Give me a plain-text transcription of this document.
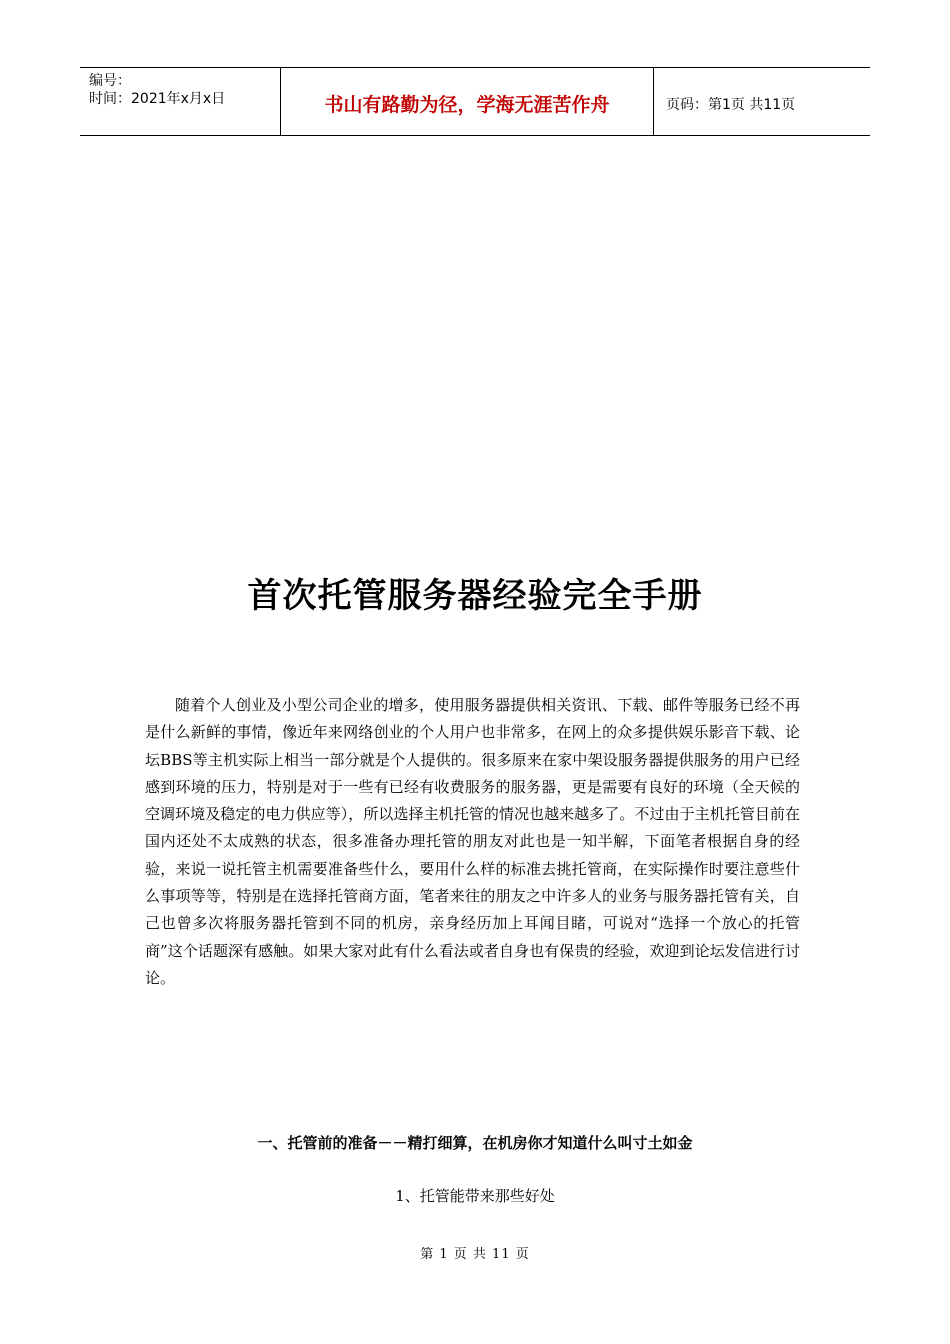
编号：
时间：2021年x月x日	书山有路勤为径，学海无涯苦作舟	页码：第1页 共11页
首次托管服务器经验完全手册

随着个人创业及小型公司企业的增多，使用服务器提供相关资讯、下载、邮件等服务已经不再是什么新鲜的事情，像近年来网络创业的个人用户也非常多，在网上的众多提供娱乐影音下载、论坛BBS等主机实际上相当一部分就是个人提供的。很多原来在家中架设服务器提供服务的用户已经感到环境的压力，特别是对于一些有已经有收费服务的服务器，更是需要有良好的环境（全天候的空调环境及稳定的电力供应等），所以选择主机托管的情况也越来越多了。不过由于主机托管目前在国内还处不太成熟的状态，很多准备办理托管的朋友对此也是一知半解，下面笔者根据自身的经验，来说一说托管主机需要准备些什么，要用什么样的标准去挑托管商，在实际操作时要注意些什么事项等等，特别是在选择托管商方面，笔者来往的朋友之中许多人的业务与服务器托管有关，自己也曾多次将服务器托管到不同的机房，亲身经历加上耳闻目睹，可说对“选择一个放心的托管商”这个话题深有感触。如果大家对此有什么看法或者自身也有保贵的经验，欢迎到论坛发信进行讨论。

一、托管前的准备－－精打细算，在机房你才知道什么叫寸土如金
1、托管能带来那些好处
第 1 页 共 11 页
